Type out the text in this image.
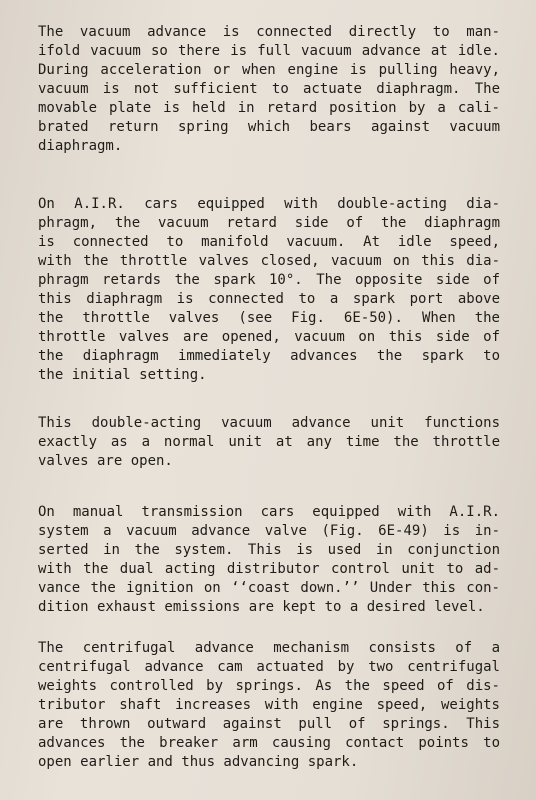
The vacuum advance is connected directly to man-
ifold vacuum so there is full vacuum advance at idle.
During acceleration or when engine is pulling heavy,
vacuum is not sufficient to actuate diaphragm. The
movable plate is held in retard position by a cali-
brated return spring which bears against vacuum
diaphragm.
On A.I.R. cars equipped with double-acting dia-
phragm, the vacuum retard side of the diaphragm
is connected to manifold vacuum. At idle speed,
with the throttle valves closed, vacuum on this dia-
phragm retards the spark 10°. The opposite side of
this diaphragm is connected to a spark port above
the throttle valves (see Fig. 6E-50). When the
throttle valves are opened, vacuum on this side of
the diaphragm immediately advances the spark to
the initial setting.
This double-acting vacuum advance unit functions
exactly as a normal unit at any time the throttle
valves are open.
On manual transmission cars equipped with A.I.R.
system a vacuum advance valve (Fig. 6E-49) is in-
serted in the system. This is used in conjunction
with the dual acting distributor control unit to ad-
vance the ignition on ‘‘coast down.’’ Under this con-
dition exhaust emissions are kept to a desired level.
The centrifugal advance mechanism consists of a
centrifugal advance cam actuated by two centrifugal
weights controlled by springs. As the speed of dis-
tributor shaft increases with engine speed, weights
are thrown outward against pull of springs. This
advances the breaker arm causing contact points to
open earlier and thus advancing spark.
